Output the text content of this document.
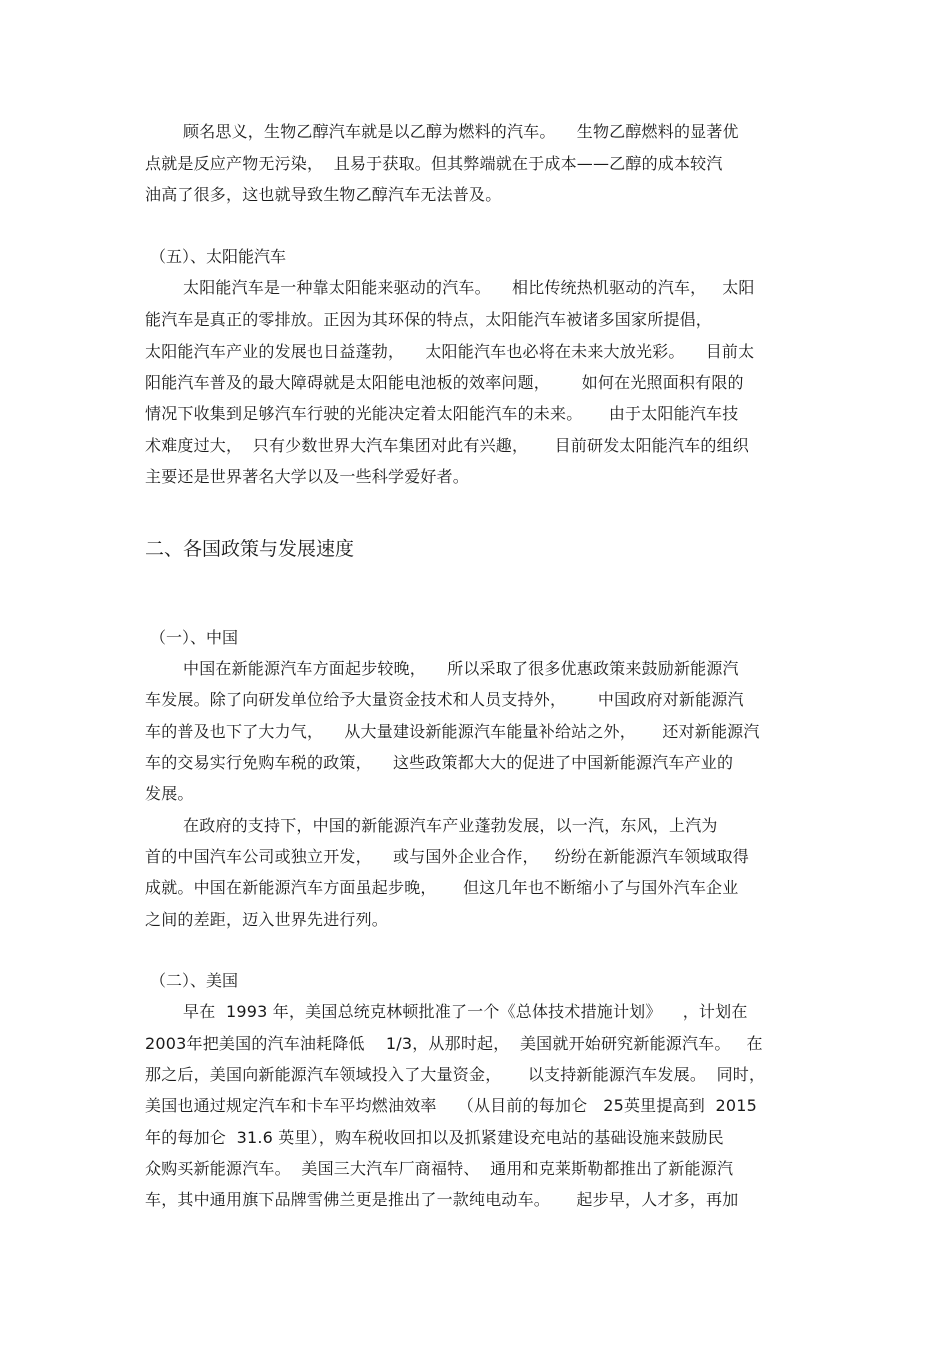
顾名思义，生物乙醇汽车就是以乙醇为燃料的汽车。    生物乙醇燃料的显著优
点就是反应产物无污染，  且易于获取。但其弊端就在于成本——乙醇的成本较汽
油高了很多，这也就导致生物乙醇汽车无法普及。
（五）、太阳能汽车
太阳能汽车是一种靠太阳能来驱动的汽车。    相比传统热机驱动的汽车，   太阳
能汽车是真正的零排放。正因为其环保的特点，太阳能汽车被诸多国家所提倡，
太阳能汽车产业的发展也日益蓬勃，    太阳能汽车也必将在未来大放光彩。    目前太
阳能汽车普及的最大障碍就是太阳能电池板的效率问题，      如何在光照面积有限的
情况下收集到足够汽车行驶的光能决定着太阳能汽车的未来。     由于太阳能汽车技
术难度过大，  只有少数世界大汽车集团对此有兴趣，     目前研发太阳能汽车的组织
主要还是世界著名大学以及一些科学爱好者。
二、各国政策与发展速度
（一）、中国
中国在新能源汽车方面起步较晚，    所以采取了很多优惠政策来鼓励新能源汽
车发展。除了向研发单位给予大量资金技术和人员支持外，      中国政府对新能源汽
车的普及也下了大力气，    从大量建设新能源汽车能量补给站之外，     还对新能源汽
车的交易实行免购车税的政策，    这些政策都大大的促进了中国新能源汽车产业的
发展。
在政府的支持下，中国的新能源汽车产业蓬勃发展，以一汽，东风，上汽为
首的中国汽车公司或独立开发，    或与国外企业合作，   纷纷在新能源汽车领域取得
成就。中国在新能源汽车方面虽起步晚，     但这几年也不断缩小了与国外汽车企业
之间的差距，迈入世界先进行列。
（二）、美国
早在  1993 年，美国总统克林顿批准了一个《总体技术措施计划》    ，计划在
2003年把美国的汽车油耗降低    1/3，从那时起，  美国就开始研究新能源汽车。   在
那之后，美国向新能源汽车领域投入了大量资金，     以支持新能源汽车发展。  同时，
美国也通过规定汽车和卡车平均燃油效率    （从目前的每加仑   25英里提高到  2015
年的每加仑  31.6 英里），购车税收回扣以及抓紧建设充电站的基础设施来鼓励民
众购买新能源汽车。  美国三大汽车厂商福特、  通用和克莱斯勒都推出了新能源汽
车，其中通用旗下品牌雪佛兰更是推出了一款纯电动车。     起步早，人才多，再加
